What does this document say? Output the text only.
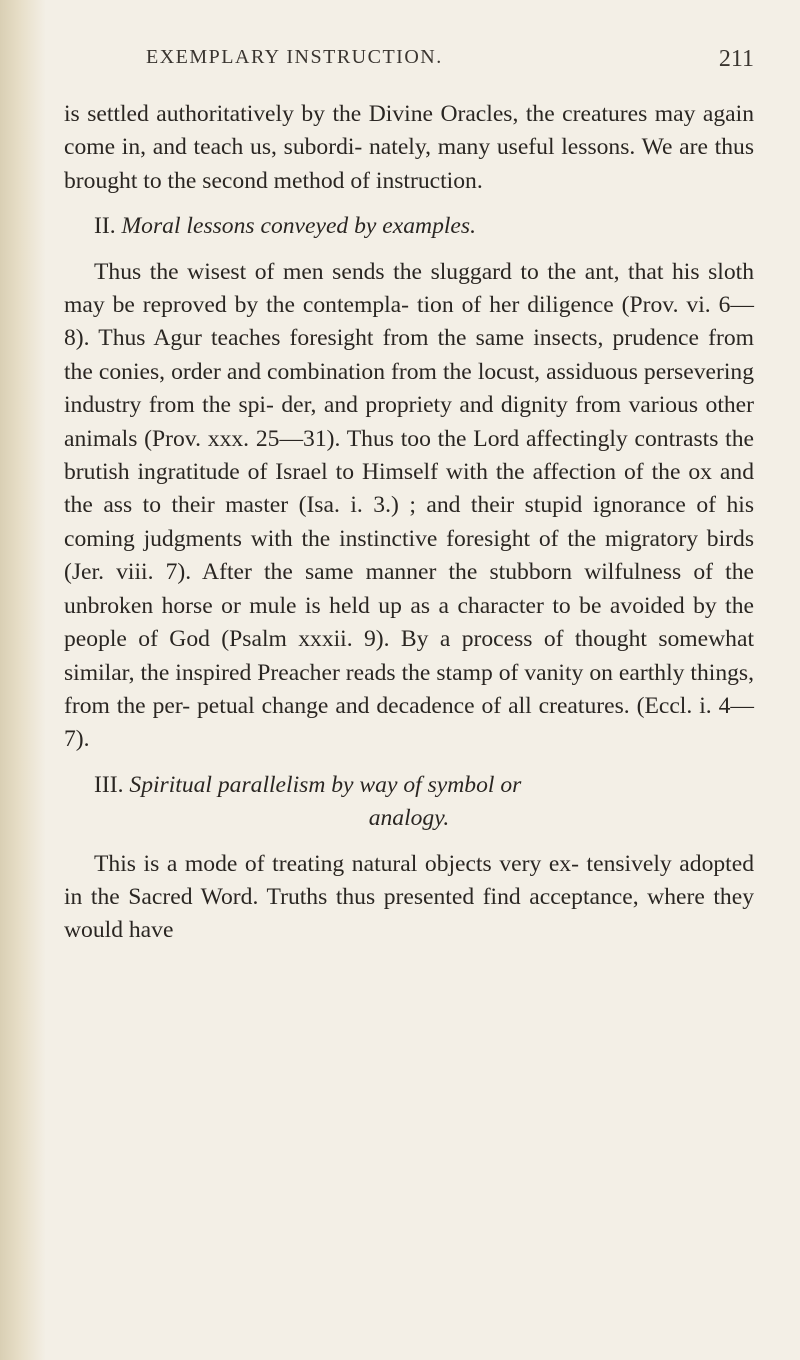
EXEMPLARY INSTRUCTION.	211

is settled authoritatively by the Divine Oracles, the creatures may again come in, and teach us, subordi- nately, many useful lessons. We are thus brought to the second method of instruction.

II. Moral lessons conveyed by examples.

Thus the wisest of men sends the sluggard to the ant, that his sloth may be reproved by the contempla- tion of her diligence (Prov. vi. 6—8). Thus Agur teaches foresight from the same insects, prudence from the conies, order and combination from the locust, assiduous persevering industry from the spi- der, and propriety and dignity from various other animals (Prov. xxx. 25—31). Thus too the Lord affectingly contrasts the brutish ingratitude of Israel to Himself with the affection of the ox and the ass to their master (Isa. i. 3.) ; and their stupid ignorance of his coming judgments with the instinctive foresight of the migratory birds (Jer. viii. 7). After the same manner the stubborn wilfulness of the unbroken horse or mule is held up as a character to be avoided by the people of God (Psalm xxxii. 9). By a process of thought somewhat similar, the inspired Preacher reads the stamp of vanity on earthly things, from the per- petual change and decadence of all creatures. (Eccl. i. 4—7).

III. Spiritual parallelism by way of symbol or

analogy.

This is a mode of treating natural objects very ex- tensively adopted in the Sacred Word. Truths thus presented find acceptance, where they would have
